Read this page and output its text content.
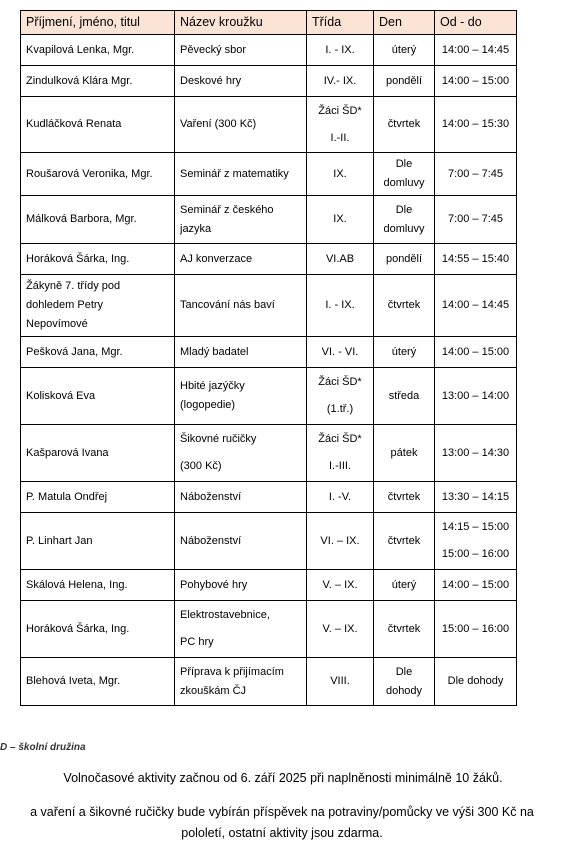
Příjmení, jméno, titul	Název kroužku	Třída	Den	Od - do

Kvapilová Lenka, Mgr.	Pěvecký sbor	I. - IX.	úterý	14:00 – 14:45

Zindulková Klára Mgr.	Deskové hry	IV.- IX.	pondělí	14:00 – 15:00

Kudláčková Renata	Vaření (300 Kč)	Žáci ŠD*
I.-II.	čtvrtek	14:00 – 15:30

Roušarová Veronika, Mgr.	Seminář z matematiky	IX.	Dle
domluvy	7:00 – 7:45

Málková Barbora, Mgr.	Seminář z českého
jazyka	IX.	Dle
domluvy	7:00 – 7:45

Horáková Šárka, Ing.	AJ konverzace	VI.AB	pondělí	14:55 – 15:40

Žákyně 7. třídy pod
dohledem Petry
Nepovímové	Tancování nás baví	I. - IX.	čtvrtek	14:00 – 14:45

Pešková Jana, Mgr.	Mladý badatel	VI. - VI.	úterý	14:00 – 15:00

Kolisková Eva	Hbité jazýčky
(logopedie)	Žáci ŠD*
(1.tř.)	středa	13:00 – 14:00

Kašparová Ivana	Šikovné ručičky
(300 Kč)	Žáci ŠD*
I.-III.	pátek	13:00 – 14:30

P. Matula Ondřej	Náboženství	I. -V.	čtvrtek	13:30 – 14:15

P. Linhart Jan	Náboženství	VI. – IX.	čtvrtek	14:15 – 15:00
15:00 – 16:00

Skálová Helena, Ing.	Pohybové hry	V. – IX.	úterý	14:00 – 15:00

Horáková Šárka, Ing.	Elektrostavebnice,
PC hry	V. – IX.	čtvrtek	15:00 – 16:00

Blehová Iveta, Mgr.	Příprava k přijímacím
zkouškám ČJ	VIII.	Dle
dohody	Dle dohody
D – školní družina
Volnočasové aktivity začnou od 6. září 2025 při naplněnosti minimálně 10 žáků.
a vaření a šikovné ručičky bude vybírán příspěvek na potraviny/pomůcky ve výši 300 Kč na
pololetí, ostatní aktivity jsou zdarma.
